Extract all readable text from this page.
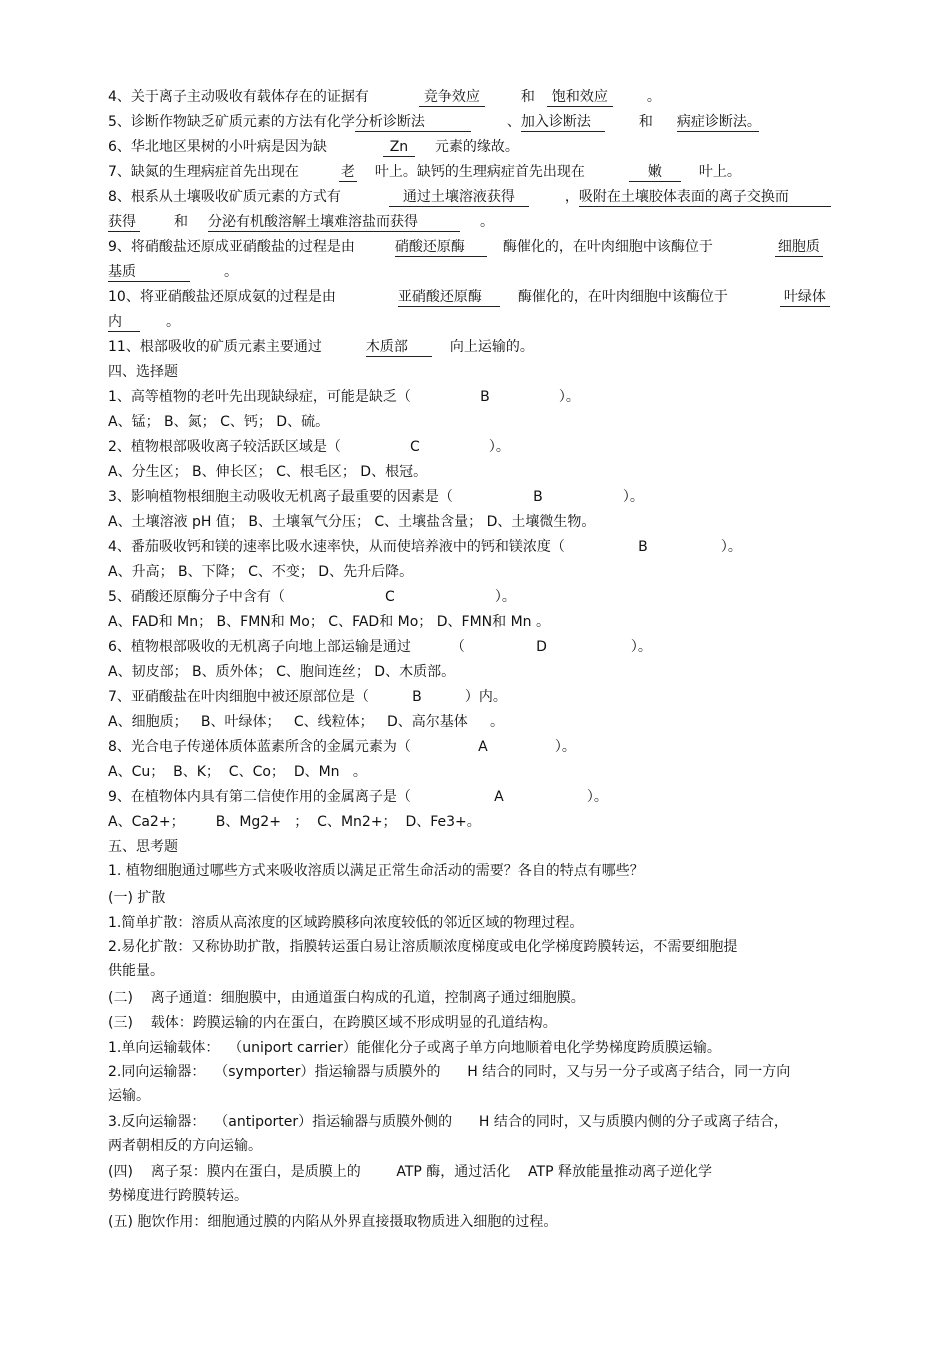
4、关于离子主动吸收有载体存在的证据有	竞争效应	和 饱和效应	。
5、诊断作物缺乏矿质元素的方法有化学分析诊断法	、加入诊断法	和 病症诊断法。
6、华北地区果树的小叶病是因为缺	Zn 元素的缘故。
7、缺氮的生理病症首先出现在	老 叶上。缺钙的生理病症首先出现在	嫩	叶上。
8、根系从土壤吸收矿质元素的方式有	通过土壤溶液获得	，吸附在土壤胶体表面的离子交换而
获得	和 分泌有机酸溶解土壤难溶盐而获得	。
9、将硝酸盐还原成亚硝酸盐的过程是由	硝酸还原酶	酶催化的，在叶肉细胞中该酶位于	细胞质
基质	。
10、将亚硝酸盐还原成氨的过程是由	亚硝酸还原酶	酶催化的，在叶肉细胞中该酶位于	叶绿体
内	。
11、根部吸收的矿质元素主要通过	木质部	向上运输的。
四、选择题
1、高等植物的老叶先出现缺绿症，可能是缺乏（	B	）。
A、锰； B、氮； C、钙； D、硫。
2、植物根部吸收离子较活跃区域是（	C	）。
A、分生区； B、伸长区； C、根毛区； D、根冠。
3、影响植物根细胞主动吸收无机离子最重要的因素是（	B	）。
A、土壤溶液 pH 值； B、土壤氧气分压； C、土壤盐含量； D、土壤微生物。
4、番茄吸收钙和镁的速率比吸水速率快，从而使培养液中的钙和镁浓度（	B	）。
A、升高； B、下降； C、不变； D、先升后降。
5、硝酸还原酶分子中含有（	C	）。
A、FAD和 Mn； B、FMN和 Mo； C、FAD和 Mo； D、FMN和 Mn 。
6、植物根部吸收的无机离子向地上部运输是通过	（                D	）。
A、韧皮部； B、质外体； C、胞间连丝； D、木质部。
7、亚硝酸盐在叶肉细胞中被还原部位是（	B	）内。
A、细胞质；   B、叶绿体；   C、线粒体；   D、高尔基体     。
8、光合电子传递体质体蓝素所含的金属元素为（	A	）。
A、Cu；  B、K；  C、Co；  D、Mn   。
9、在植物体内具有第二信使作用的金属离子是（	A	）。
A、Ca2+；       B、Mg2+   ；  C、Mn2+；  D、Fe3+。
五、思考题
1. 植物细胞通过哪些方式来吸收溶质以满足正常生命活动的需要？各自的特点有哪些？
(一) 扩散
1.简单扩散：溶质从高浓度的区域跨膜移向浓度较低的邻近区域的物理过程。
2.易化扩散：又称协助扩散，指膜转运蛋白易让溶质顺浓度梯度或电化学梯度跨膜转运，不需要细胞提
供能量。
(二)    离子通道：细胞膜中，由通道蛋白构成的孔道，控制离子通过细胞膜。
(三)    载体：跨膜运输的内在蛋白，在跨膜区域不形成明显的孔道结构。
1.单向运输载体：  （uniport carrier）能催化分子或离子单方向地顺着电化学势梯度跨质膜运输。
2.同向运输器：  （symporter）指运输器与质膜外的      H 结合的同时，又与另一分子或离子结合，同一方向
运输。
3.反向运输器：  （antiporter）指运输器与质膜外侧的      H 结合的同时，又与质膜内侧的分子或离子结合，
两者朝相反的方向运输。
(四)    离子泵：膜内在蛋白，是质膜上的        ATP 酶，通过活化    ATP 释放能量推动离子逆化学
势梯度进行跨膜转运。
(五) 胞饮作用：细胞通过膜的内陷从外界直接摄取物质进入细胞的过程。
